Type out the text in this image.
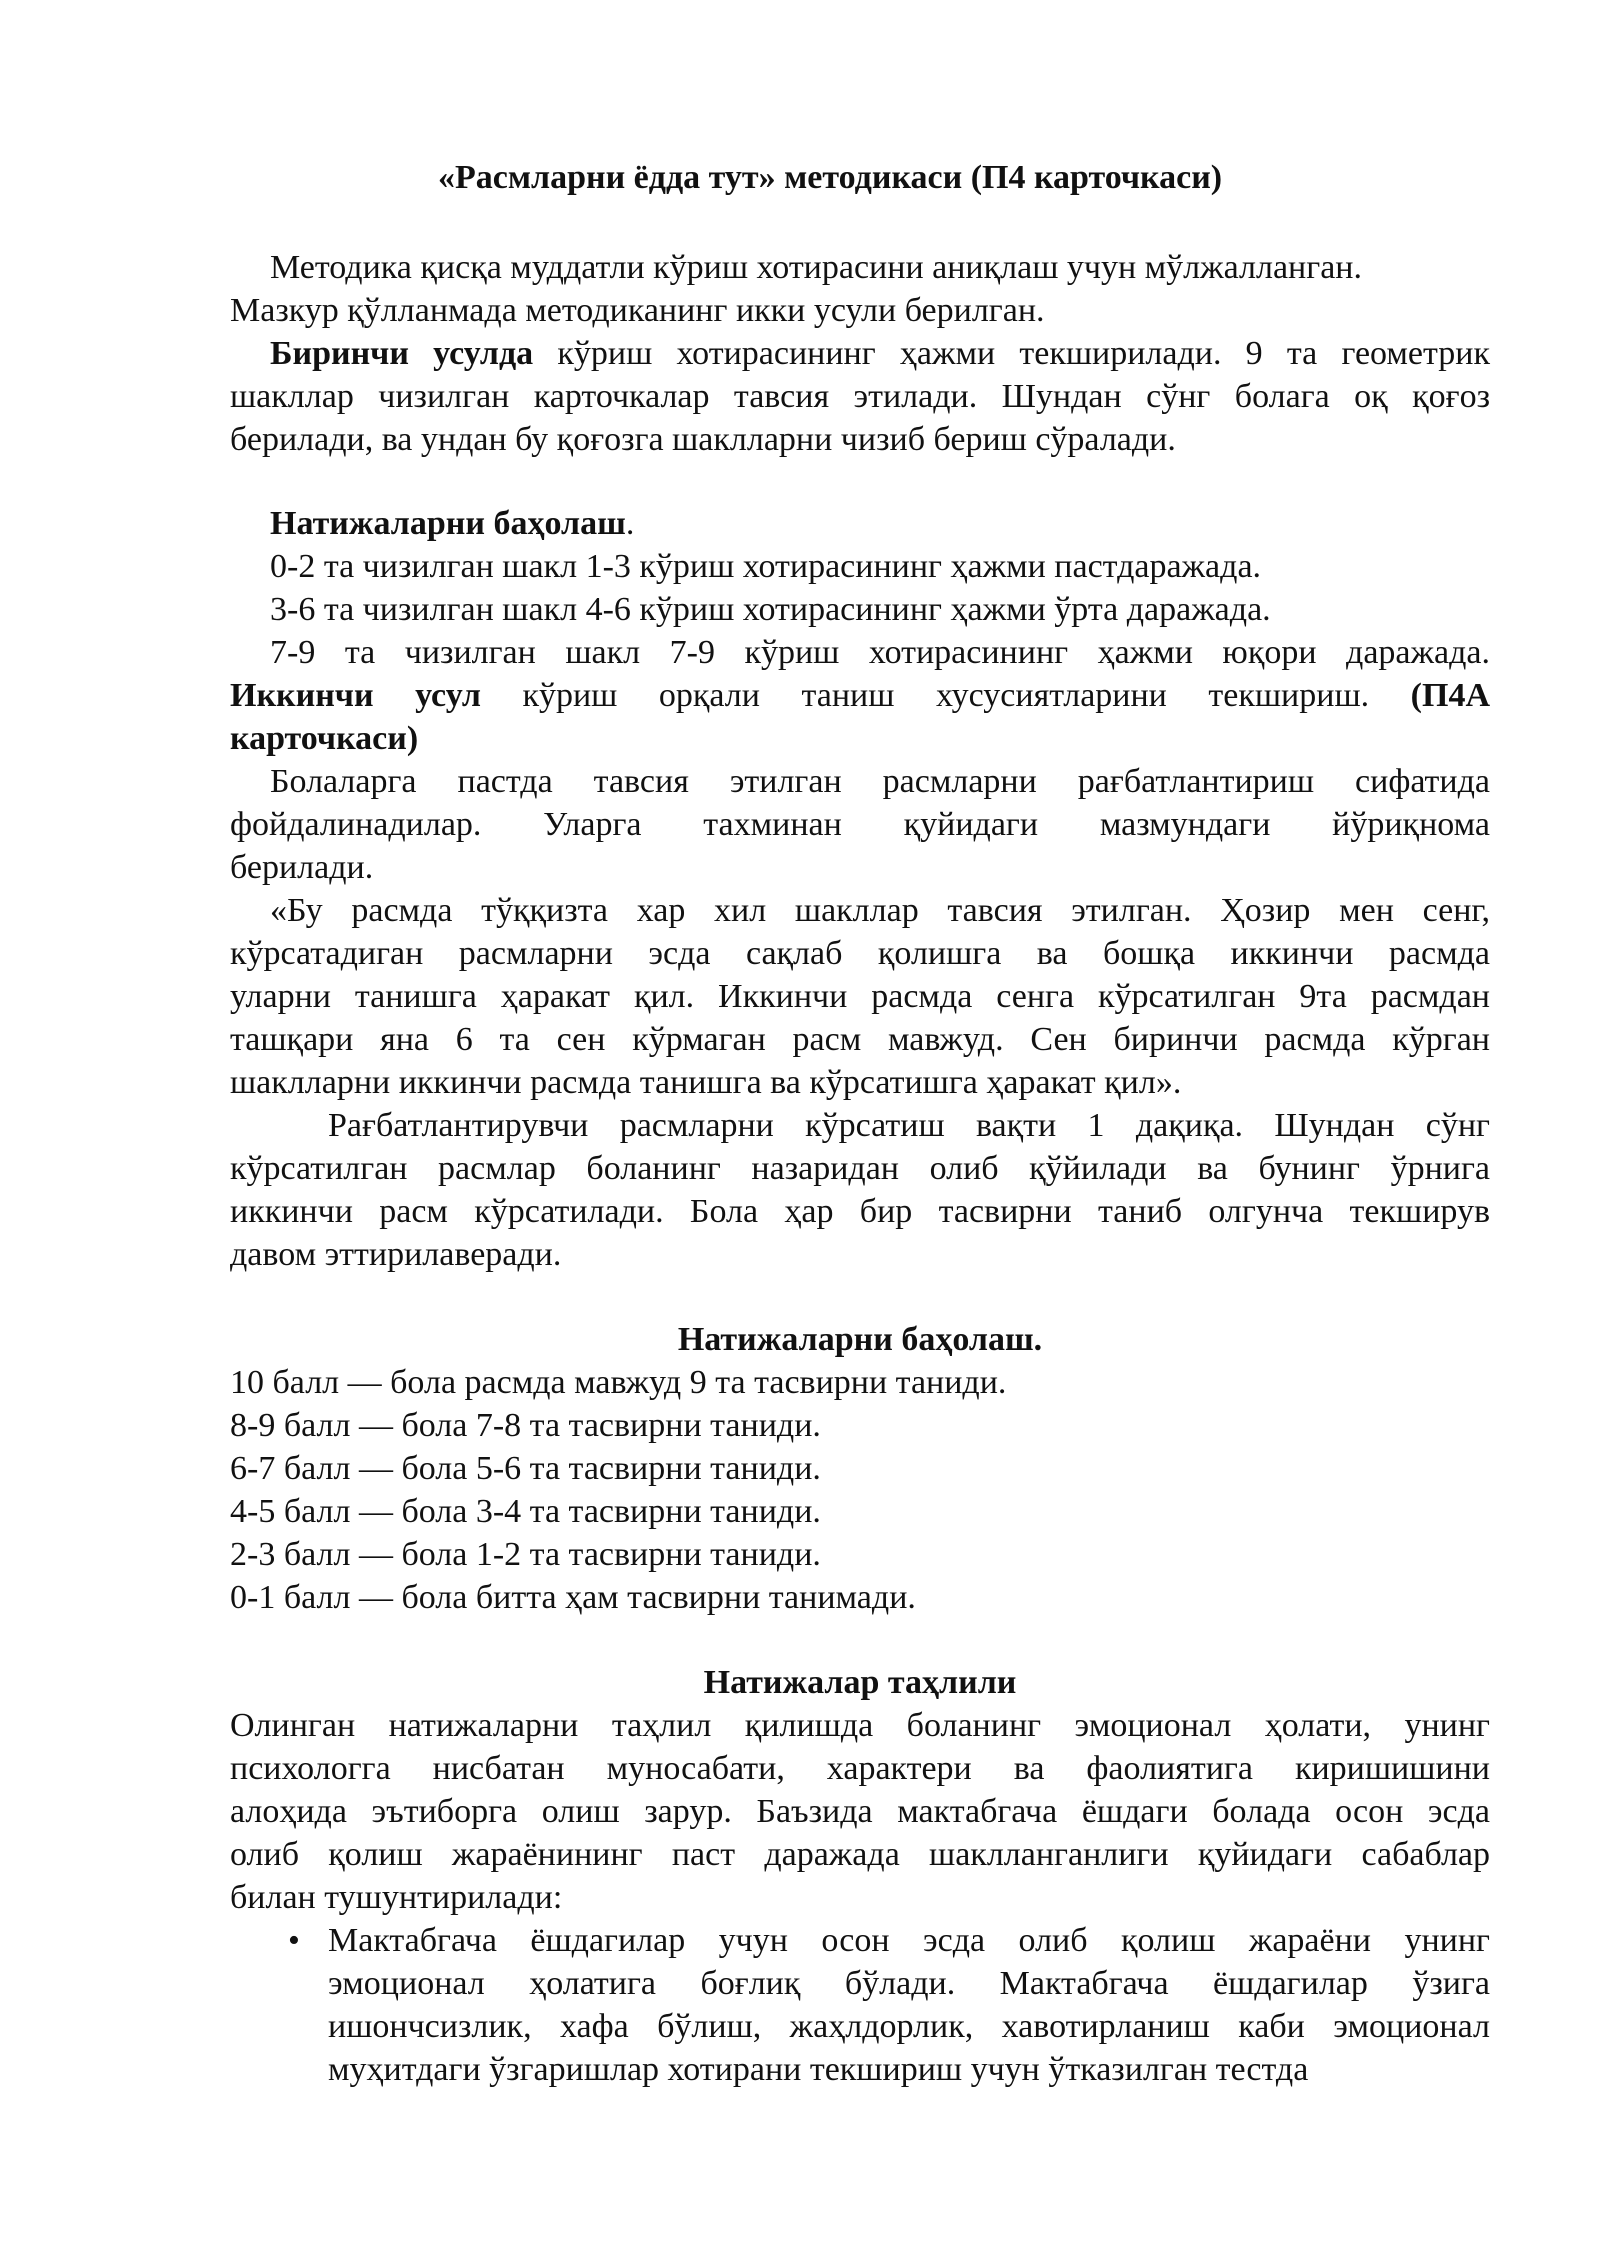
«Расмларни ёдда тут» методикаси (П4 карточкаси)
Методика қисқа муддатли кўриш хотирасини аниқлаш учун мўлжалланган.
Мазкур қўлланмада методиканинг икки усули берилган.
Биринчи усулда кўриш хотирасининг ҳажми текширилади. 9 та геометрик
шакллар чизилган карточкалар тавсия этилади. Шундан сўнг болага оқ қоғоз
берилади, ва ундан бу қоғозга шаклларни чизиб бериш сўралади.
Натижаларни баҳолаш.
0-2 та чизилган шакл 1-3 кўриш хотирасининг ҳажми пастдаражада.
3-6 та чизилган шакл 4-6 кўриш хотирасининг ҳажми ўрта даражада.
7-9 та чизилган шакл 7-9 кўриш хотирасининг ҳажми юқори даражада.
Иккинчи усул кўриш орқали таниш хусусиятларини текшириш. (П4А
карточкаси)
Болаларга пастда тавсия этилган расмларни рағбатлантириш сифатида
фойдалинадилар. Уларга тахминан қуйидаги мазмундаги йўриқнома
берилади.
«Бу расмда тўққизта хар хил шакллар тавсия этилган. Ҳозир мен сенг,
кўрсатадиган расмларни эсда сақлаб қолишга ва бошқа иккинчи расмда
уларни танишга ҳаракат қил. Иккинчи расмда сенга кўрсатилган 9та расмдан
ташқари яна 6 та сен кўрмаган расм мавжуд. Сен биринчи расмда кўрган
шаклларни иккинчи расмда танишга ва кўрсатишга ҳаракат қил».
Рағбатлантирувчи расмларни кўрсатиш вақти 1 дақиқа. Шундан сўнг
кўрсатилган расмлар боланинг назаридан олиб қўйилади ва бунинг ўрнига
иккинчи расм кўрсатилади. Бола ҳар бир тасвирни таниб олгунча текширув
давом эттирилаверади.
Натижаларни баҳолаш.
10 балл — бола расмда мавжуд 9 та тасвирни таниди.
8-9 балл — бола 7-8 та тасвирни таниди.
6-7 балл — бола 5-6 та тасвирни таниди.
4-5 балл — бола 3-4 та тасвирни таниди.
2-3 балл — бола 1-2 та тасвирни таниди.
0-1 балл — бола битта ҳам тасвирни танимади.
Натижалар таҳлили
Олинган натижаларни таҳлил қилишда боланинг эмоционал ҳолати, унинг
психологга нисбатан муносабати, характери ва фаолиятига киришишини
алоҳида эътиборга олиш зарур. Баъзида мактабгача ёшдаги болада осон эсда
олиб қолиш жараёнининг паст даражада шаклланганлиги қуйидаги сабаблар
билан тушунтирилади:
• Мактабгача ёшдагилар учун осон эсда олиб қолиш жараёни унинг
эмоционал ҳолатига боғлиқ бўлади. Мактабгача ёшдагилар ўзига
ишончсизлик, хафа бўлиш, жаҳлдорлик, хавотирланиш каби эмоционал
муҳитдаги ўзгаришлар хотирани текшириш учун ўтказилган тестда
